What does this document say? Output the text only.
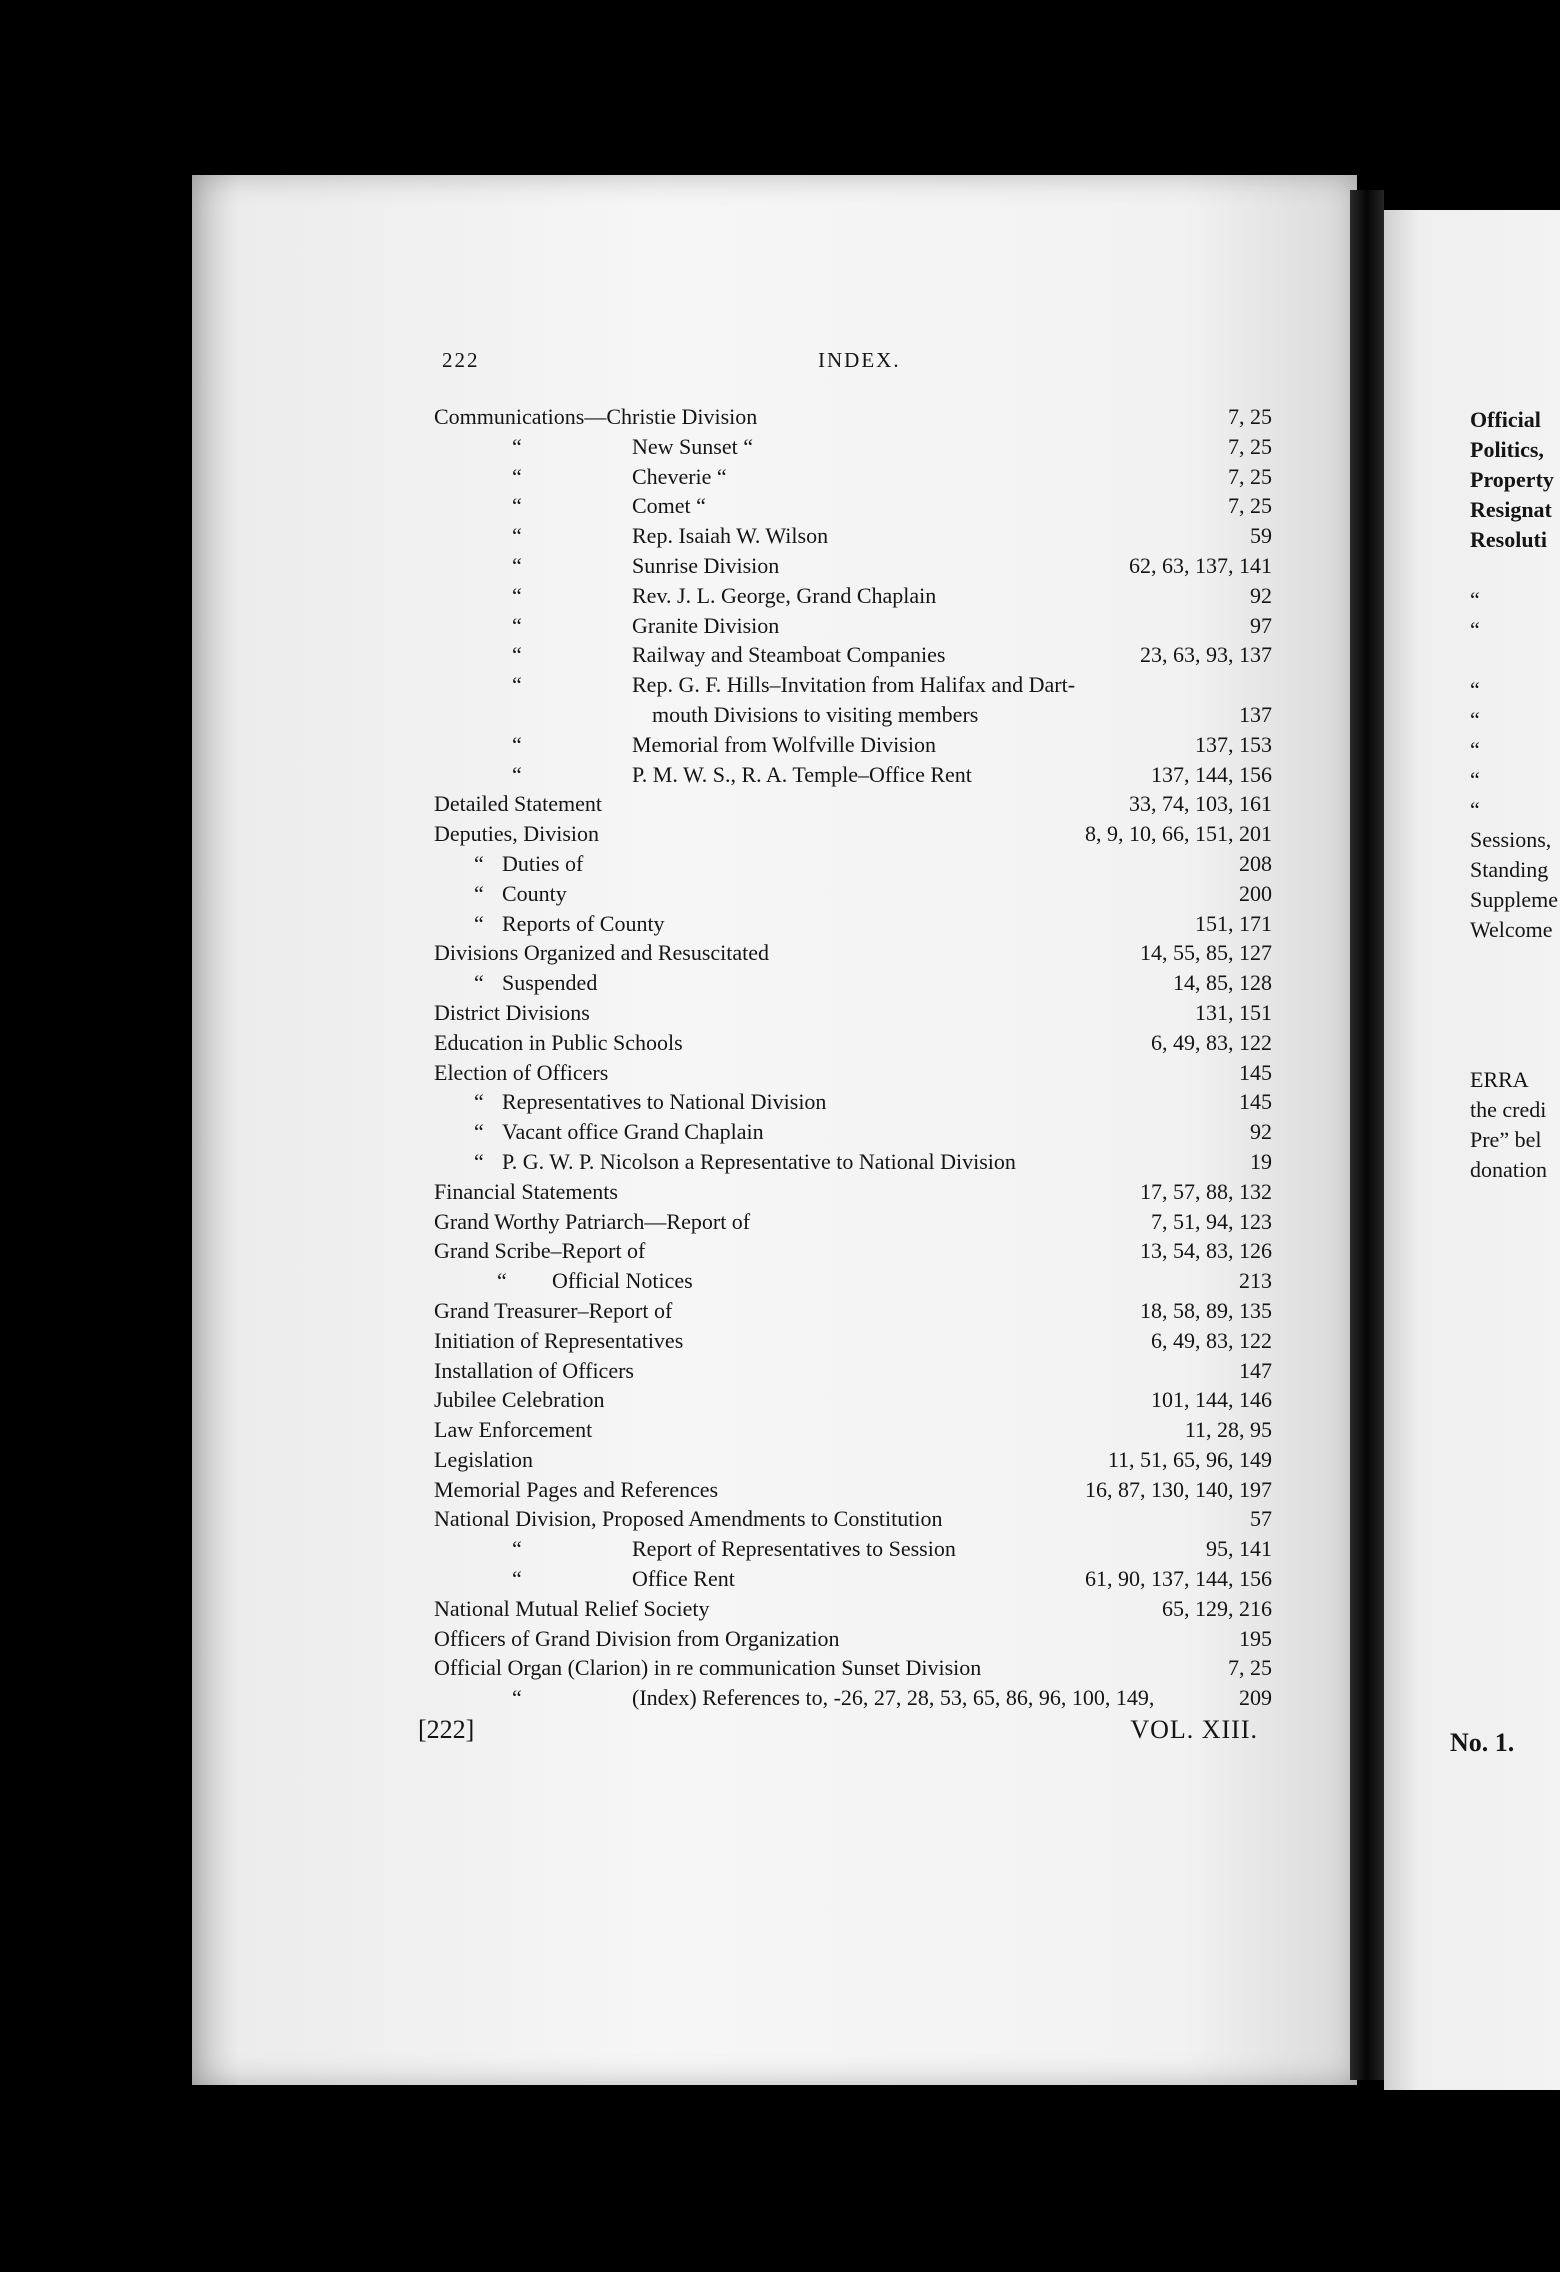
222	INDEX.
Communications—Christie Division	7, 25
“	New Sunset “	7, 25
“	Cheverie “	7, 25
“	Comet “	7, 25
“	Rep. Isaiah W. Wilson	59
“	Sunrise Division	62, 63, 137, 141
“	Rev. J. L. George, Grand Chaplain	92
“	Granite Division	97
“	Railway and Steamboat Companies	23, 63, 93, 137
“	Rep. G. F. Hills–Invitation from Halifax and Dart-
mouth Divisions to visiting members	137
“	Memorial from Wolfville Division	137, 153
“	P. M. W. S., R. A. Temple–Office Rent	137, 144, 156
Detailed Statement	33, 74, 103, 161
Deputies, Division	8, 9, 10, 66, 151, 201
“ Duties of	208
“ County	200
“ Reports of County	151, 171
Divisions Organized and Resuscitated	14, 55, 85, 127
“ Suspended	14, 85, 128
District Divisions	131, 151
Education in Public Schools	6, 49, 83, 122
Election of Officers	145
“ Representatives to National Division	145
“ Vacant office Grand Chaplain	92
“ P. G. W. P. Nicolson a Representative to National Division	19
Financial Statements	17, 57, 88, 132
Grand Worthy Patriarch—Report of	7, 51, 94, 123
Grand Scribe–Report of	13, 54, 83, 126
“ Official Notices	213
Grand Treasurer–Report of	18, 58, 89, 135
Initiation of Representatives	6, 49, 83, 122
Installation of Officers	147
Jubilee Celebration	101, 144, 146
Law Enforcement	11, 28, 95
Legislation	11, 51, 65, 96, 149
Memorial Pages and References	16, 87, 130, 140, 197
National Division, Proposed Amendments to Constitution	57
“	Report of Representatives to Session	95, 141
“	Office Rent	61, 90, 137, 144, 156
National Mutual Relief Society	65, 129, 216
Officers of Grand Division from Organization	195
Official Organ (Clarion) in re communication Sunset Division	7, 25
“	(Index) References to, -26, 27, 28, 53, 65, 86, 96, 100, 149,	209
[222]	VOL. XIII.
Official
Politics,
Property
Resignat
Resoluti
“
“
“
“
“
“
“
Sessions,
Standing
Suppleme
Welcome
ERRA
the credi
Pre” bel
donation
No. 1.
